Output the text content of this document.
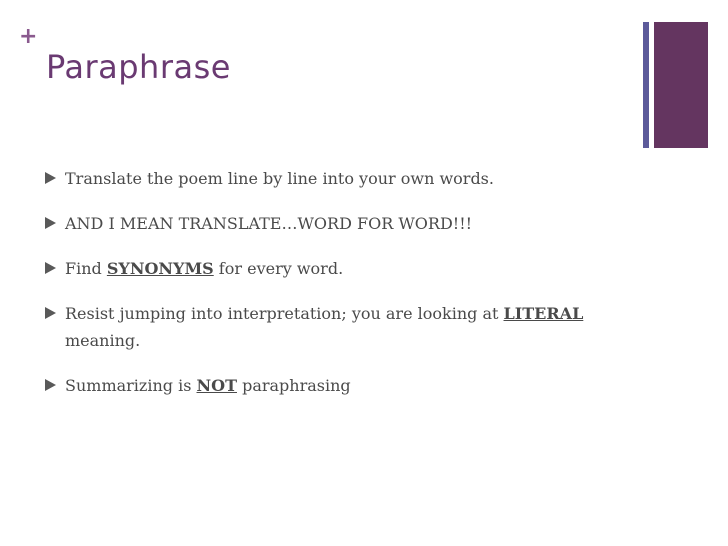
+
Paraphrase
Translate the poem line by line into your own words.
AND I MEAN TRANSLATE…WORD FOR WORD!!!
Find SYNONYMS for every word.
Resist jumping into interpretation; you are looking at LITERAL meaning.
Summarizing is NOT paraphrasing
